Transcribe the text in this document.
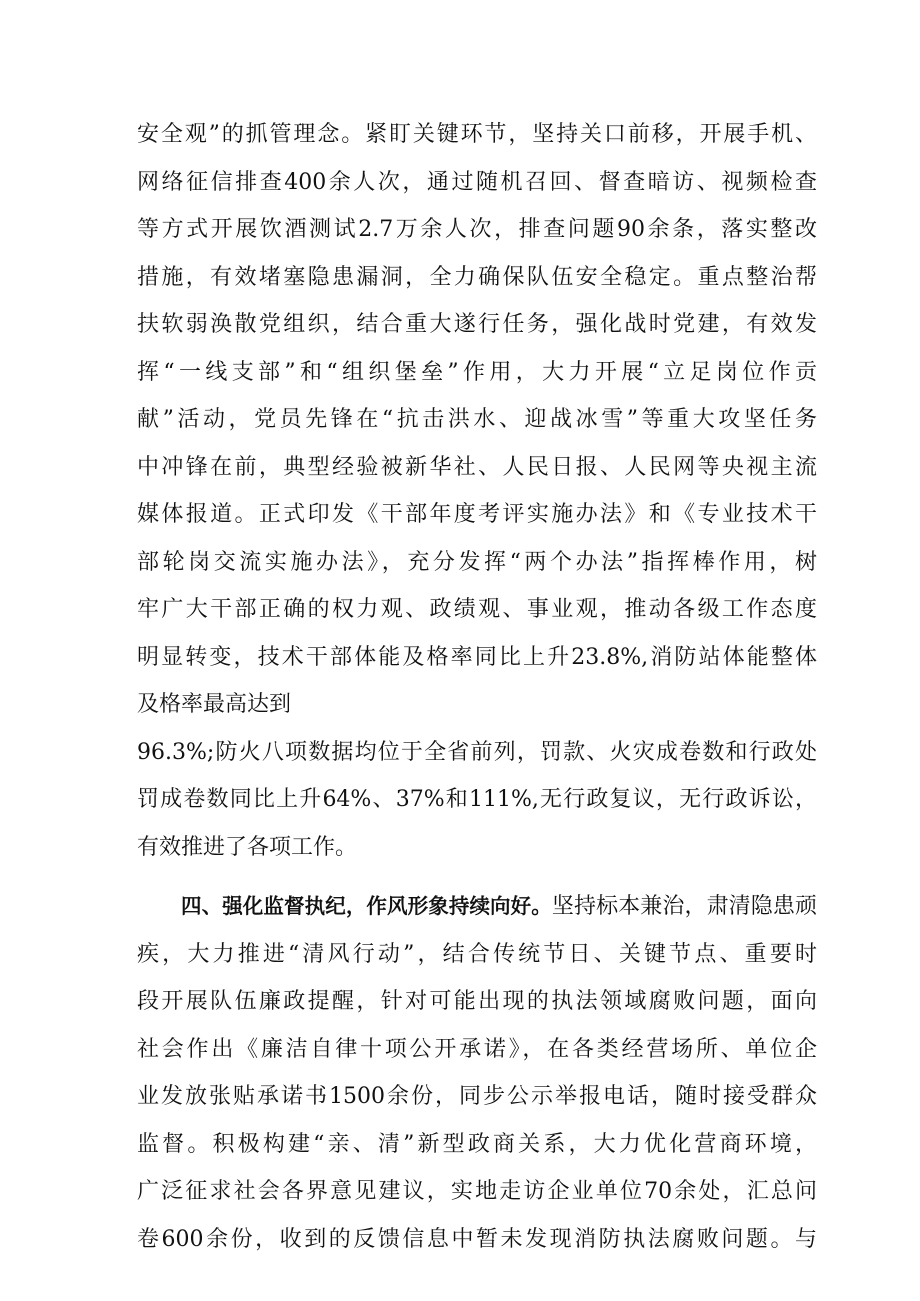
安全观”的抓管理念。紧盯关键环节，坚持关口前移，开展手机、
网络征信排查400余人次，通过随机召回、督查暗访、视频检查
等方式开展饮酒测试2.7万余人次，排查问题90余条，落实整改
措施，有效堵塞隐患漏洞，全力确保队伍安全稳定。重点整治帮
扶软弱涣散党组织，结合重大遂行任务，强化战时党建，有效发
挥“一线支部”和“组织堡垒”作用，大力开展“立足岗位作贡
献”活动，党员先锋在“抗击洪水、迎战冰雪”等重大攻坚任务
中冲锋在前，典型经验被新华社、人民日报、人民网等央视主流
媒体报道。正式印发《干部年度考评实施办法》和《专业技术干
部轮岗交流实施办法》，充分发挥“两个办法”指挥棒作用，树
牢广大干部正确的权力观、政绩观、事业观，推动各级工作态度
明显转变，技术干部体能及格率同比上升23.8%,消防站体能整体
及格率最高达到
96.3%;防火八项数据均位于全省前列，罚款、火灾成卷数和行政处
罚成卷数同比上升64%、37%和111%,无行政复议，无行政诉讼，
有效推进了各项工作。
四、强化监督执纪，作风形象持续向好。坚持标本兼治，肃清隐患顽
疾，大力推进“清风行动”，结合传统节日、关键节点、重要时
段开展队伍廉政提醒，针对可能出现的执法领域腐败问题，面向
社会作出《廉洁自律十项公开承诺》，在各类经营场所、单位企
业发放张贴承诺书1500余份，同步公示举报电话，随时接受群众
监督。积极构建“亲、清”新型政商关系，大力优化营商环境，
广泛征求社会各界意见建议，实地走访企业单位70余处，汇总问
卷600余份，收到的反馈信息中暂未发现消防执法腐败问题。与
